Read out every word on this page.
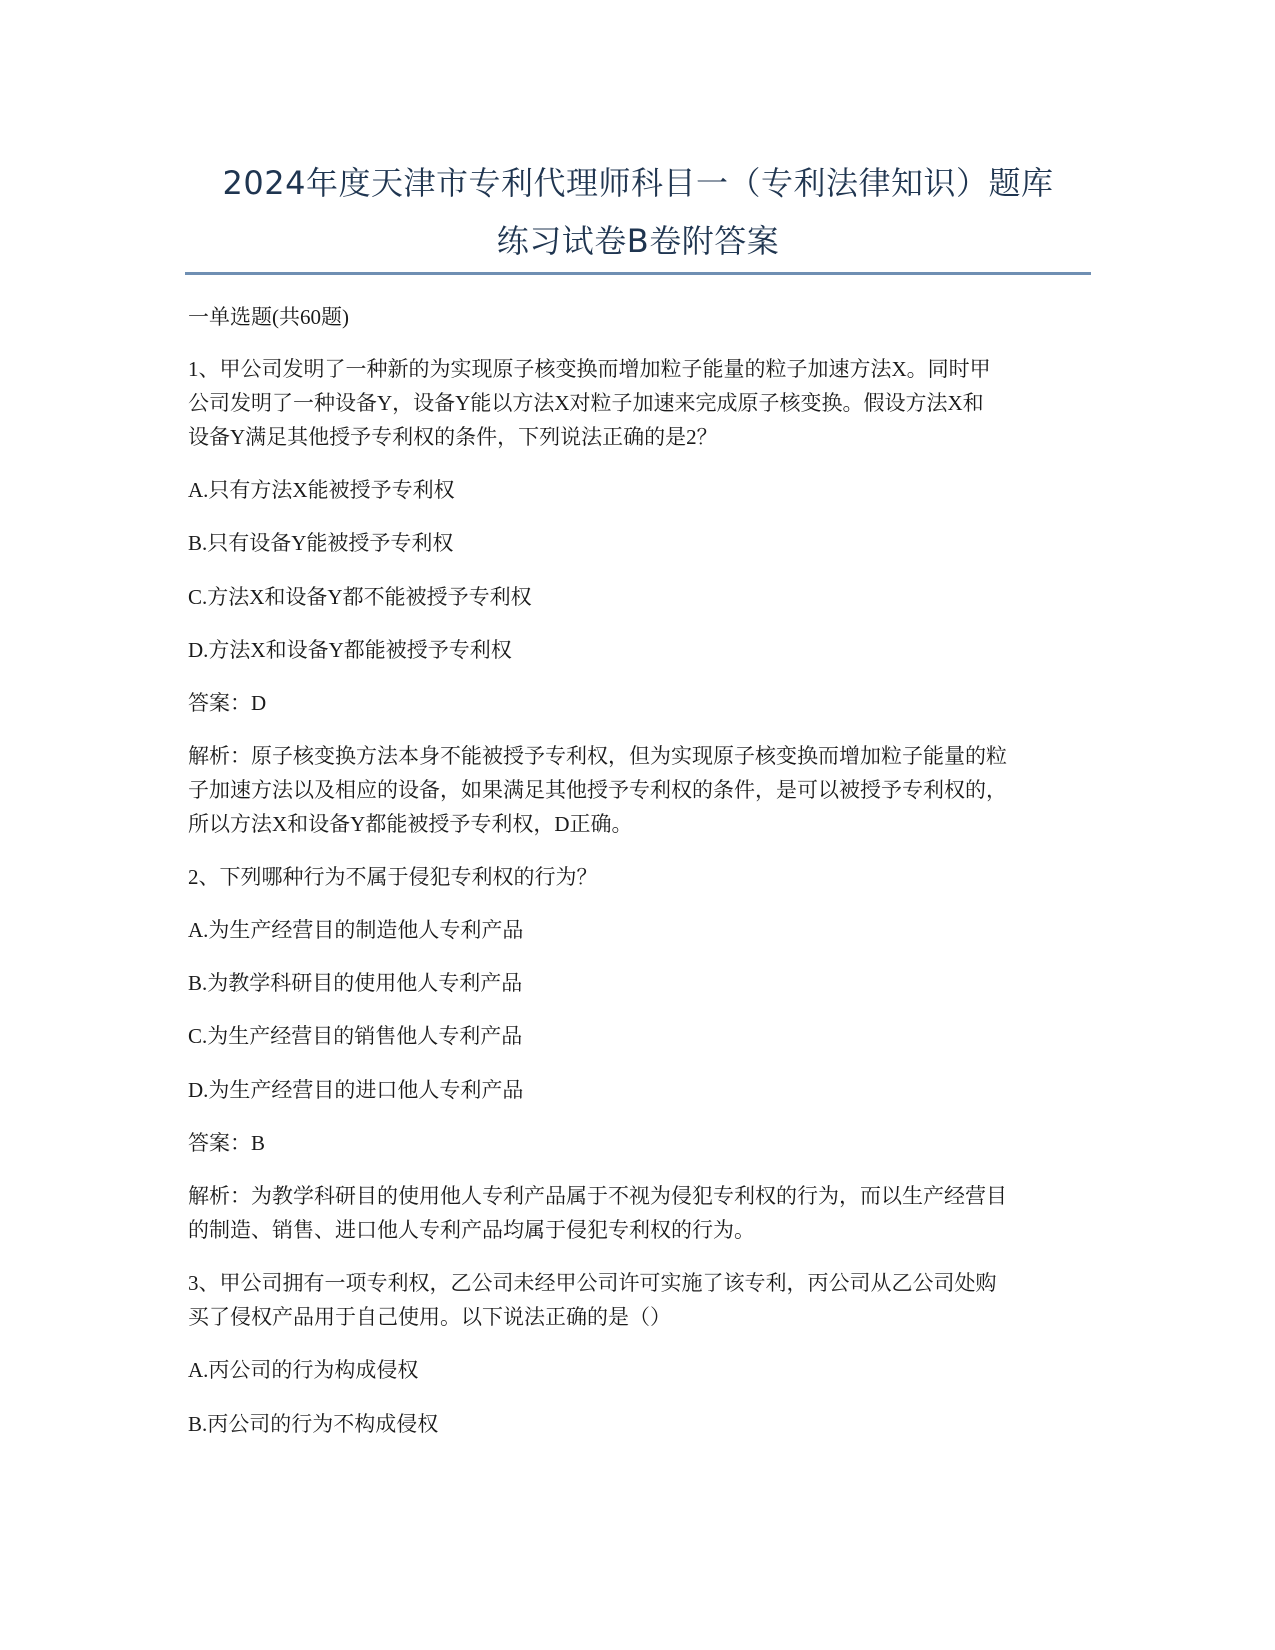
2024年度天津市专利代理师科目一（专利法律知识）题库
练习试卷B卷附答案
一单选题(共60题)
1、甲公司发明了一种新的为实现原子核变换而增加粒子能量的粒子加速方法X。同时甲
公司发明了一种设备Y，设备Y能以方法X对粒子加速来完成原子核变换。假设方法X和
设备Y满足其他授予专利权的条件，下列说法正确的是2？
A.只有方法X能被授予专利权
B.只有设备Y能被授予专利权
C.方法X和设备Y都不能被授予专利权
D.方法X和设备Y都能被授予专利权
答案：D
解析：原子核变换方法本身不能被授予专利权，但为实现原子核变换而增加粒子能量的粒
子加速方法以及相应的设备，如果满足其他授予专利权的条件，是可以被授予专利权的，
所以方法X和设备Y都能被授予专利权，D正确。
2、下列哪种行为不属于侵犯专利权的行为？
A.为生产经营目的制造他人专利产品
B.为教学科研目的使用他人专利产品
C.为生产经营目的销售他人专利产品
D.为生产经营目的进口他人专利产品
答案：B
解析：为教学科研目的使用他人专利产品属于不视为侵犯专利权的行为，而以生产经营目
的制造、销售、进口他人专利产品均属于侵犯专利权的行为。
3、甲公司拥有一项专利权，乙公司未经甲公司许可实施了该专利，丙公司从乙公司处购
买了侵权产品用于自己使用。以下说法正确的是（）
A.丙公司的行为构成侵权
B.丙公司的行为不构成侵权
